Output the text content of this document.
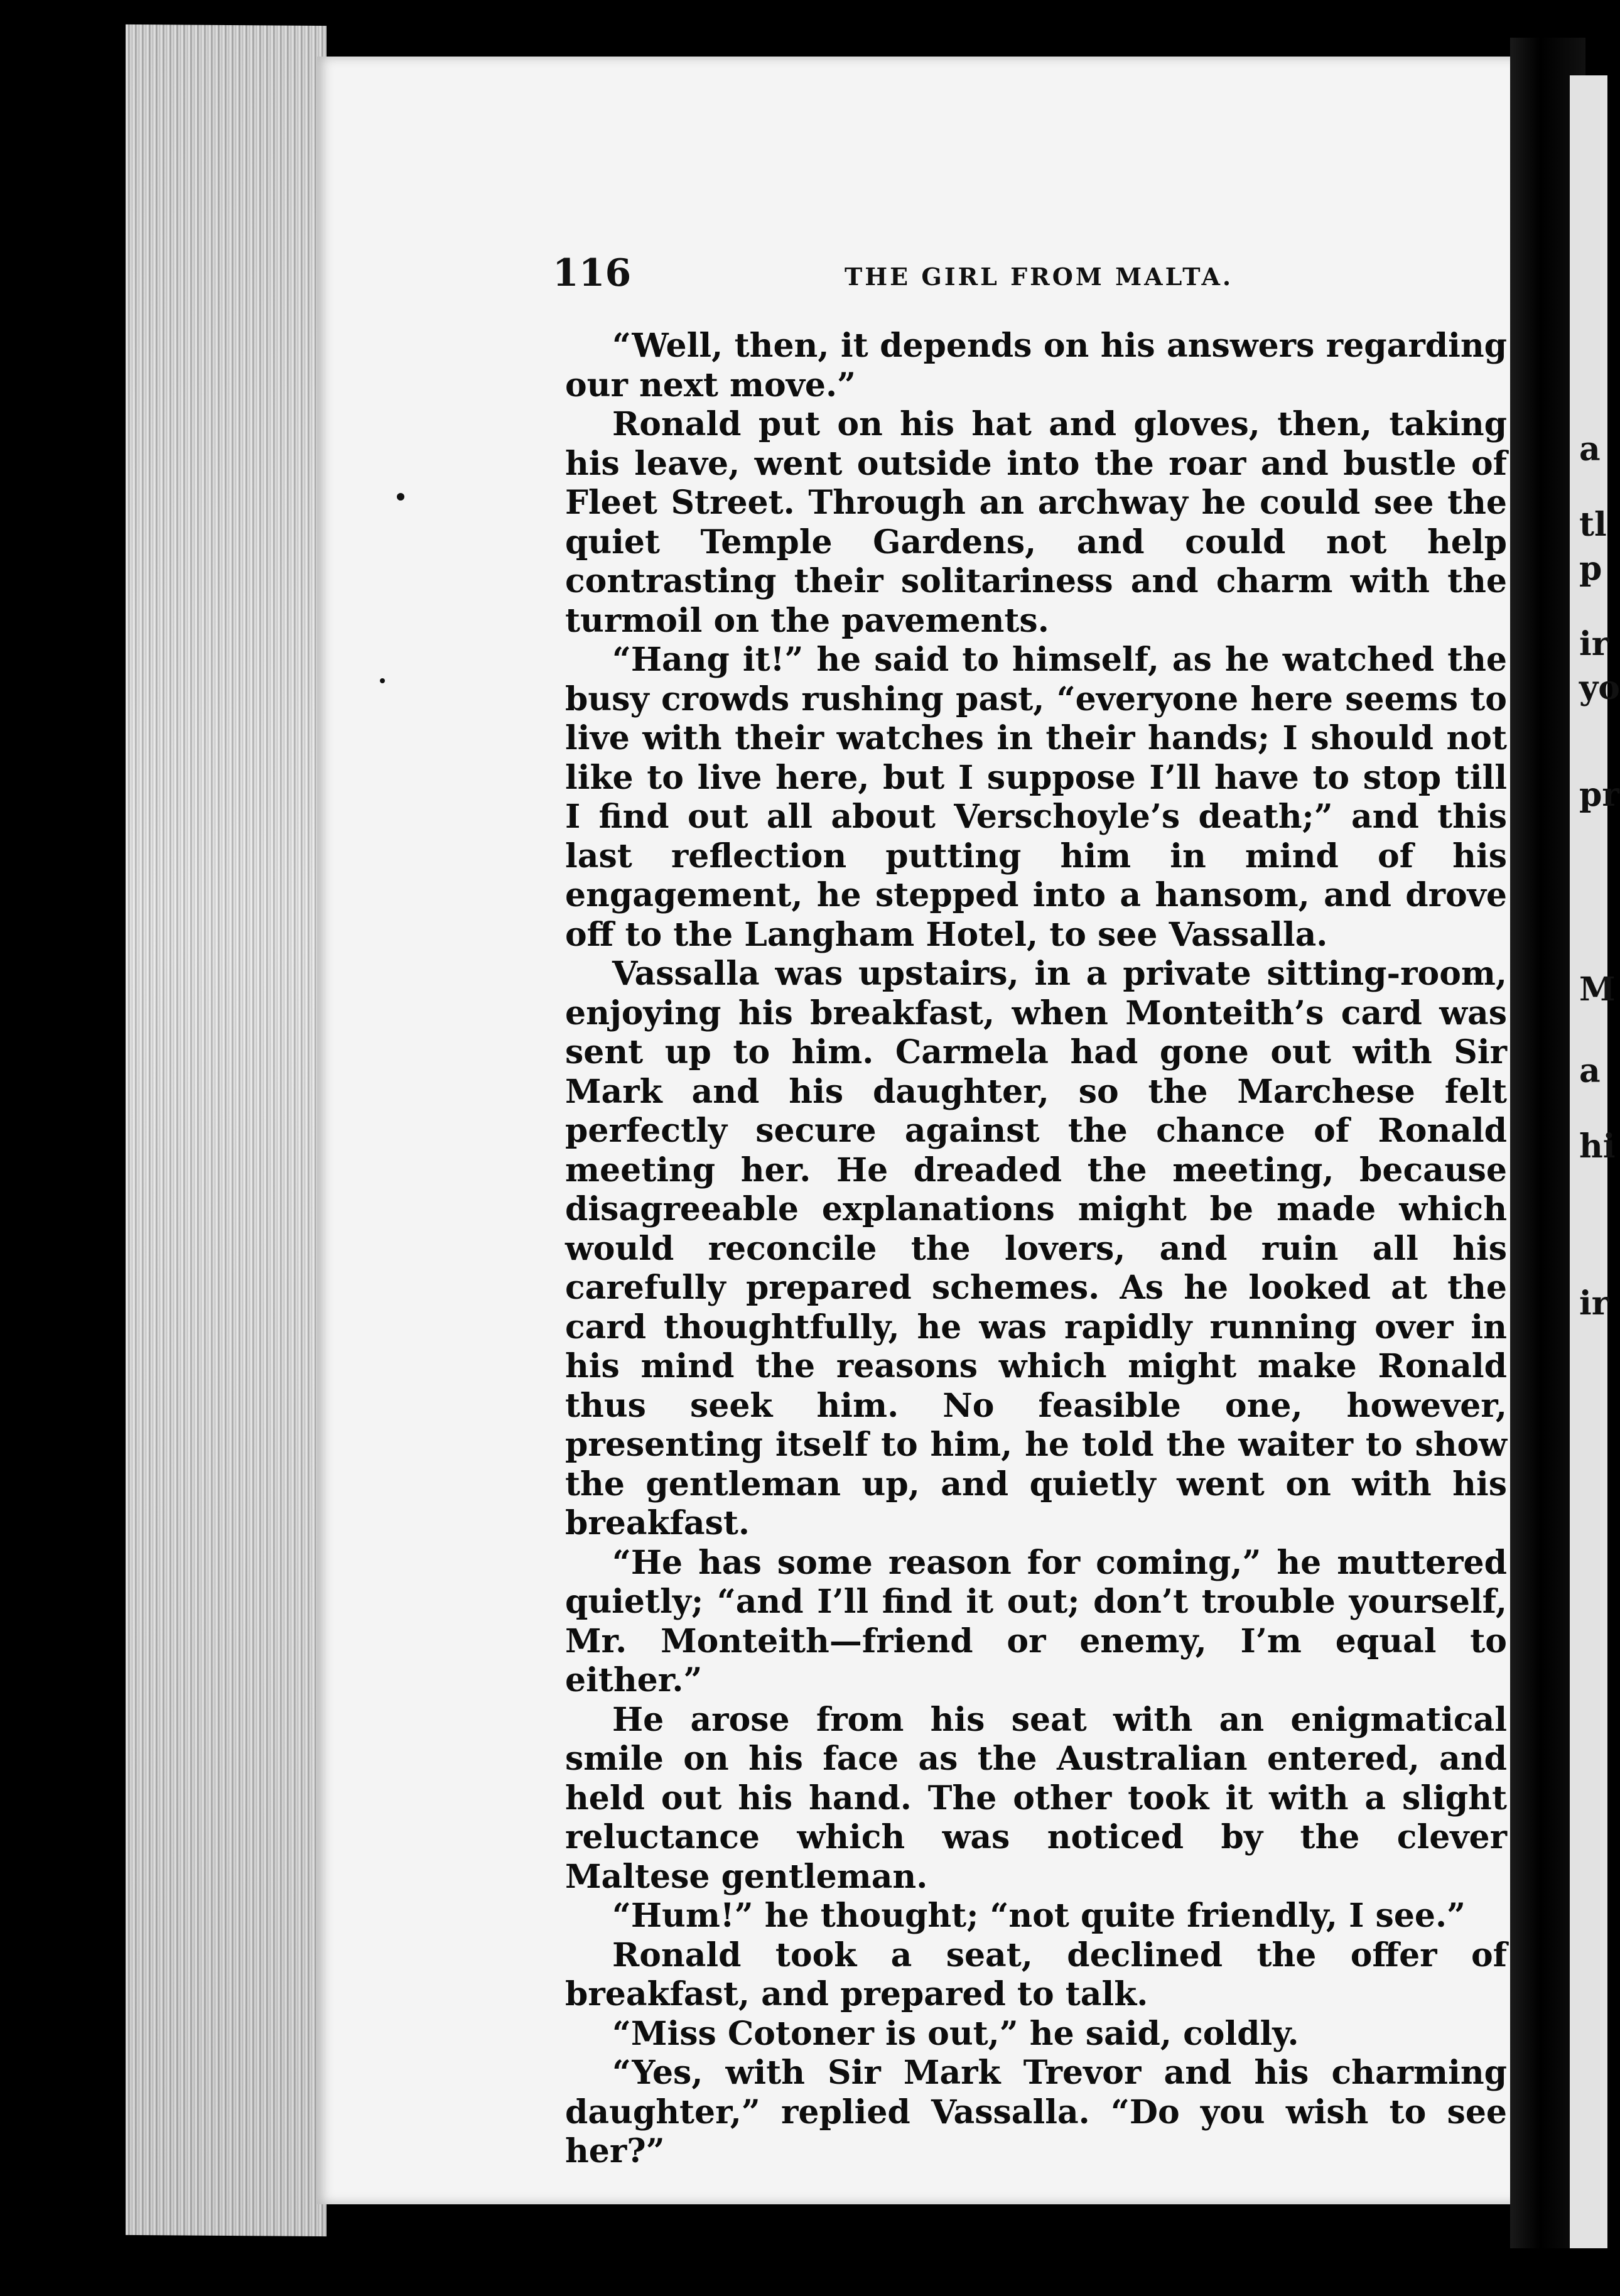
a
tl
p
ir
yo
pr
M
a
hi
ir
116	THE GIRL FROM MALTA.

“Well, then, it depends on his answers regarding our next move.”

Ronald put on his hat and gloves, then, taking his leave, went outside into the roar and bustle of Fleet Street. Through an archway he could see the quiet Temple Gardens, and could not help contrasting their solitariness and charm with the turmoil on the pavements.

“Hang it!” he said to himself, as he watched the busy crowds rushing past, “everyone here seems to live with their watches in their hands; I should not like to live here, but I suppose I’ll have to stop till I find out all about Verschoyle’s death;” and this last reflection putting him in mind of his engagement, he stepped into a hansom, and drove off to the Langham Hotel, to see Vassalla.

Vassalla was upstairs, in a private sitting-room, enjoying his breakfast, when Monteith’s card was sent up to him. Carmela had gone out with Sir Mark and his daughter, so the Marchese felt perfectly secure against the chance of Ronald meeting her. He dreaded the meeting, because disagreeable explanations might be made which would reconcile the lovers, and ruin all his carefully prepared schemes. As he looked at the card thoughtfully, he was rapidly running over in his mind the reasons which might make Ronald thus seek him. No feasible one, however, presenting itself to him, he told the waiter to show the gentleman up, and quietly went on with his breakfast.

“He has some reason for coming,” he muttered quietly; “and I’ll find it out; don’t trouble yourself, Mr. Monteith—friend or enemy, I’m equal to either.”

He arose from his seat with an enigmatical smile on his face as the Australian entered, and held out his hand. The other took it with a slight reluctance which was noticed by the clever Maltese gentleman.

“Hum!” he thought; “not quite friendly, I see.”

Ronald took a seat, declined the offer of breakfast, and prepared to talk.

“Miss Cotoner is out,” he said, coldly.

“Yes, with Sir Mark Trevor and his charming daughter,” replied Vassalla. “Do you wish to see her?”
